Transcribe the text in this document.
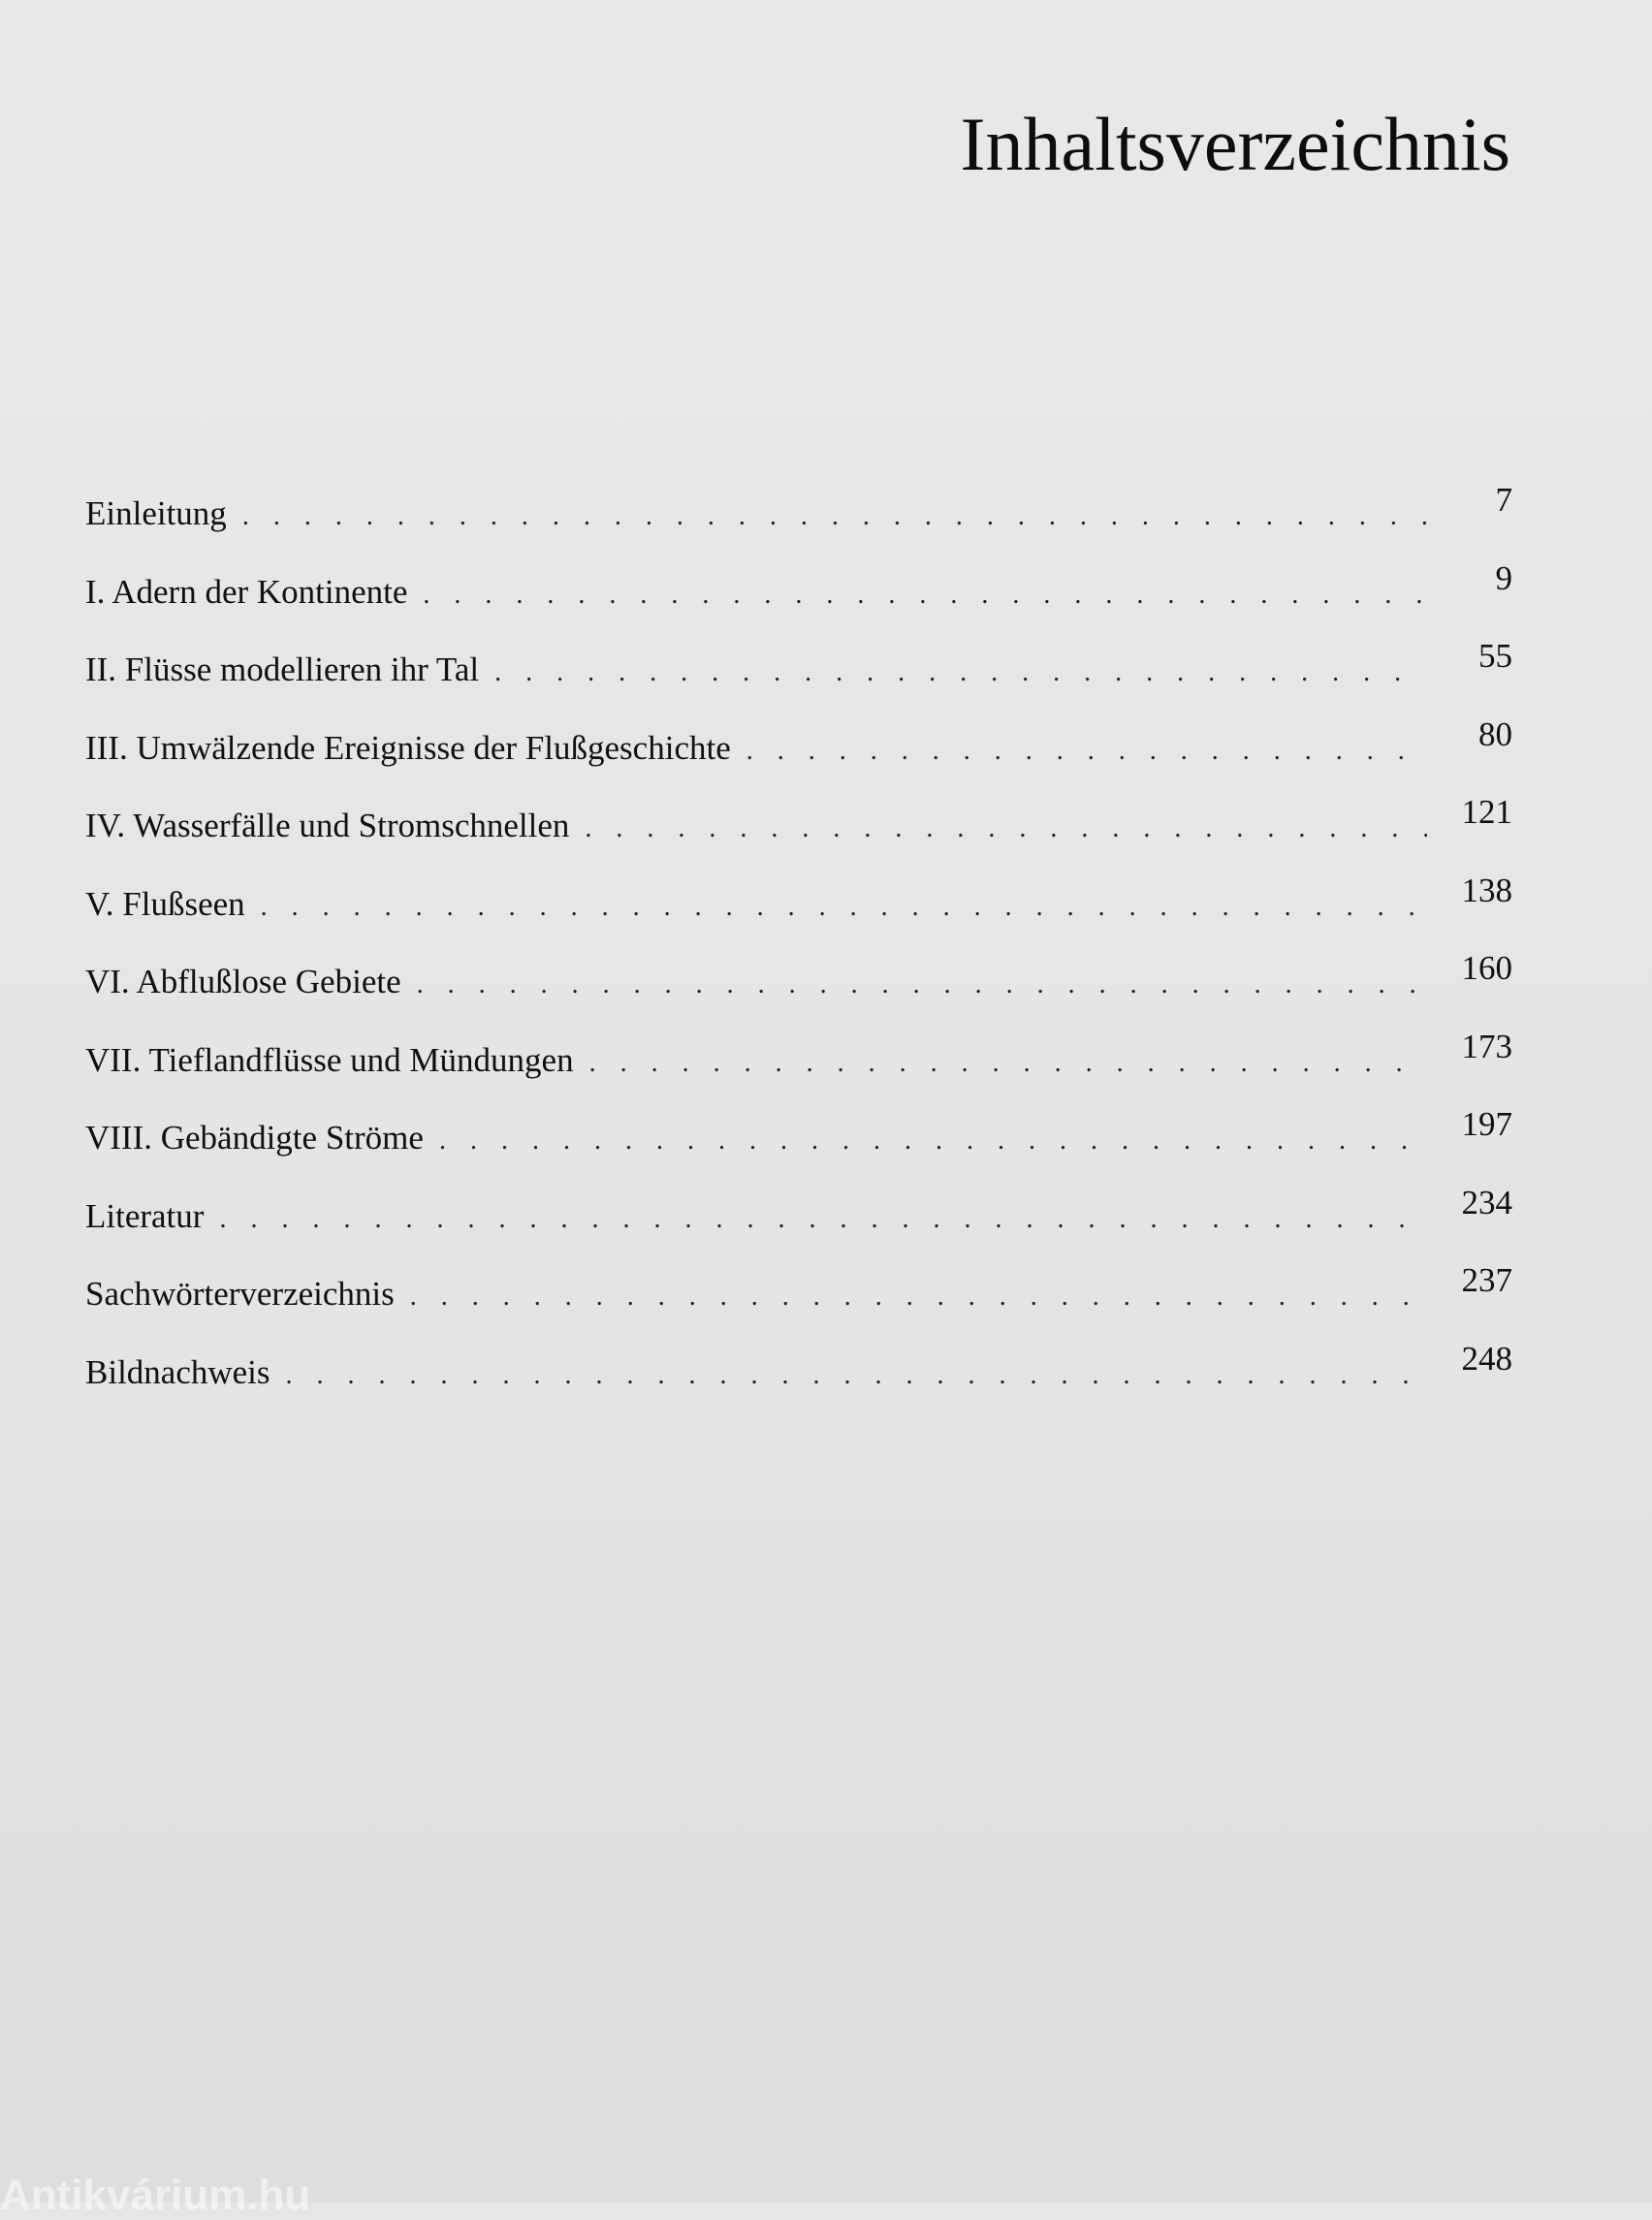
Inhaltsverzeichnis
Einleitung . . .	7
I. Adern der Kontinente . . .	9
II. Flüsse modellieren ihr Tal . . .	55
III. Umwälzende Ereignisse der Flußgeschichte . . .	80
IV. Wasserfälle und Stromschnellen . . .	121
V. Flußseen . . .	138
VI. Abflußlose Gebiete . . .	160
VII. Tieflandflüsse und Mündungen . . .	173
VIII. Gebändigte Ströme . . .	197
Literatur . . .	234
Sachwörterverzeichnis . . .	237
Bildnachweis . . .	248
Antikvárium.hu
